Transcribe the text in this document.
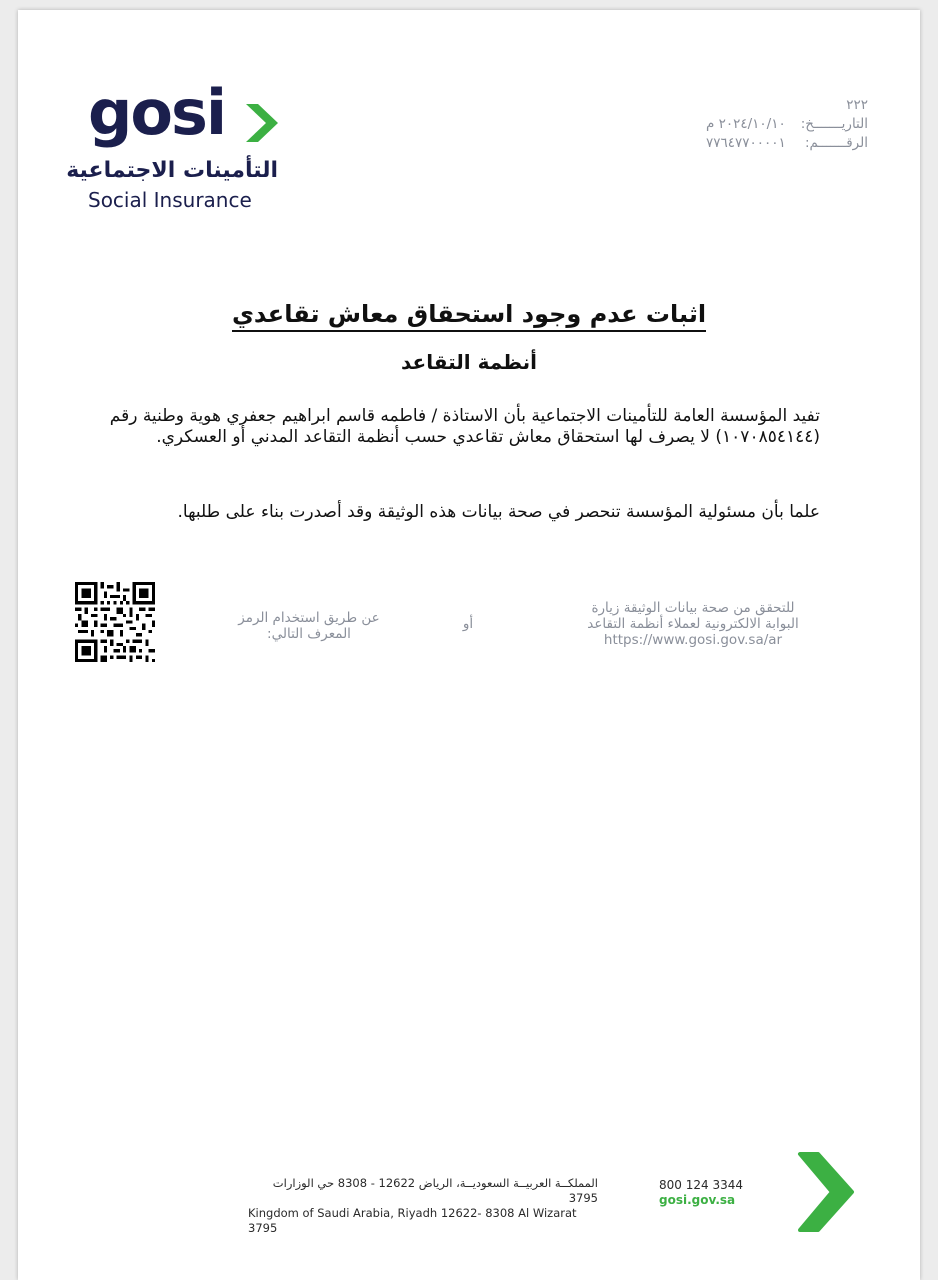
gosi
التأمينات الاجتماعية
Social Insurance
٢٢٢
التاريـــــــخ: ٢٠٢٤/١٠/١٠ م
الرقـــــــم: ٧٧٦٤٧٧٠٠٠٠١
اثبات عدم وجود استحقاق معاش تقاعدي
أنظمة التقاعد
تفيد المؤسسة العامة للتأمينات الاجتماعية بأن الاستاذة / فاطمه قاسم ابراهيم جعفري هوية وطنية رقم (١٠٧٠٨٥٤١٤٤) لا يصرف لها استحقاق معاش تقاعدي حسب أنظمة التقاعد المدني أو العسكري.
علما بأن مسئولية المؤسسة تنحصر في صحة بيانات هذه الوثيقة وقد أصدرت بناء على طلبها.
للتحقق من صحة بيانات الوثيقة زيارة
البوابة الالكترونية لعملاء أنظمة التقاعد
https://www.gosi.gov.sa/ar
أو
عن طريق استخدام الرمز
المعرف التالي:
المملكــة العربيــة السعوديــة، الرياض 12622 - 8308 حي الوزارات 3795
Kingdom of Saudi Arabia, Riyadh 12622- 8308 Al Wizarat 3795
800 124 3344
gosi.gov.sa
